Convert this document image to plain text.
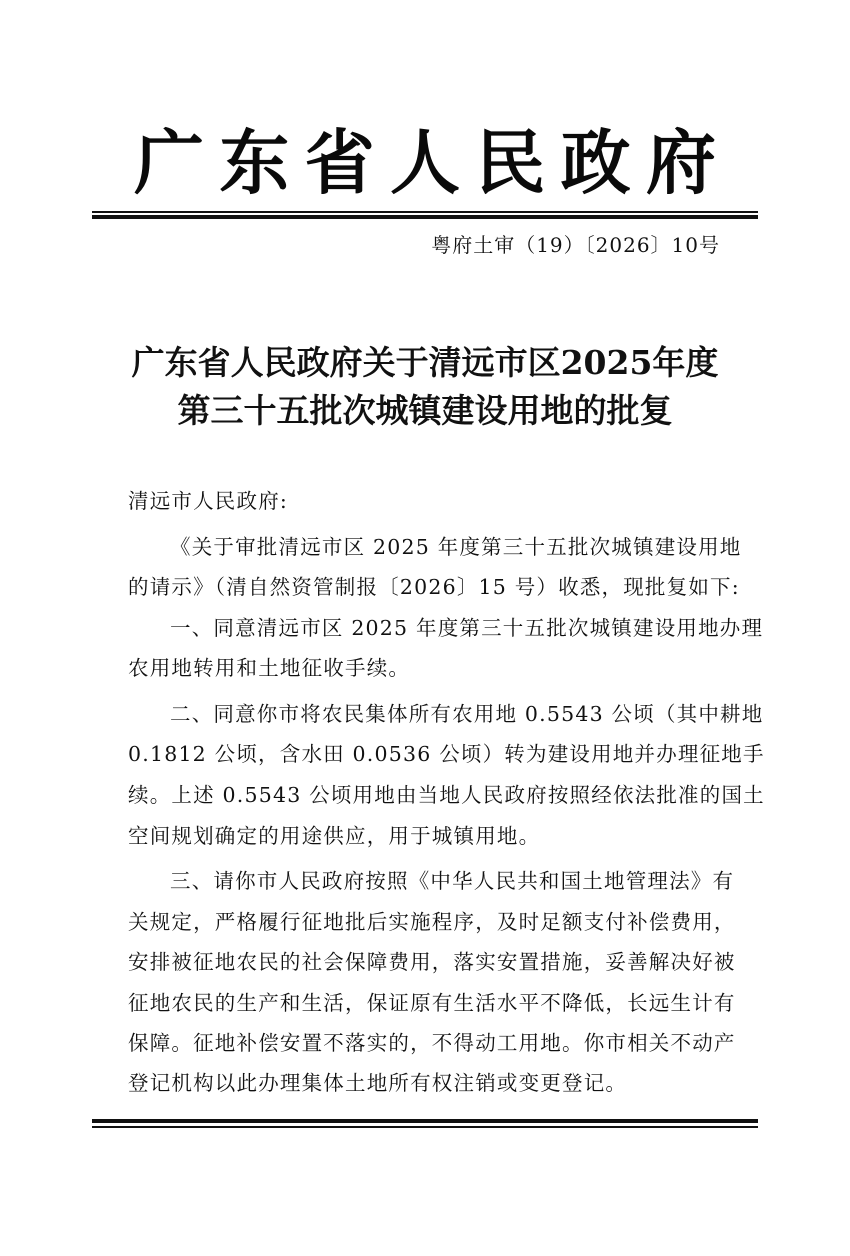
广 东 省 人 民 政 府
粤府土审（19）〔2026〕10号
广东省人民政府关于清远市区2025年度
第三十五批次城镇建设用地的批复
清远市人民政府:
《关于审批清远市区 2025 年度第三十五批次城镇建设用地
的请示》（清自然资管制报〔2026〕15 号）收悉，现批复如下:
一、同意清远市区 2025 年度第三十五批次城镇建设用地办理
农用地转用和土地征收手续。
二、同意你市将农民集体所有农用地 0.5543 公顷（其中耕地
0.1812 公顷，含水田 0.0536 公顷）转为建设用地并办理征地手
续。上述 0.5543 公顷用地由当地人民政府按照经依法批准的国土
空间规划确定的用途供应，用于城镇用地。
三、请你市人民政府按照《中华人民共和国土地管理法》有
关规定，严格履行征地批后实施程序，及时足额支付补偿费用，
安排被征地农民的社会保障费用，落实安置措施，妥善解决好被
征地农民的生产和生活，保证原有生活水平不降低，长远生计有
保障。征地补偿安置不落实的，不得动工用地。你市相关不动产
登记机构以此办理集体土地所有权注销或变更登记。
